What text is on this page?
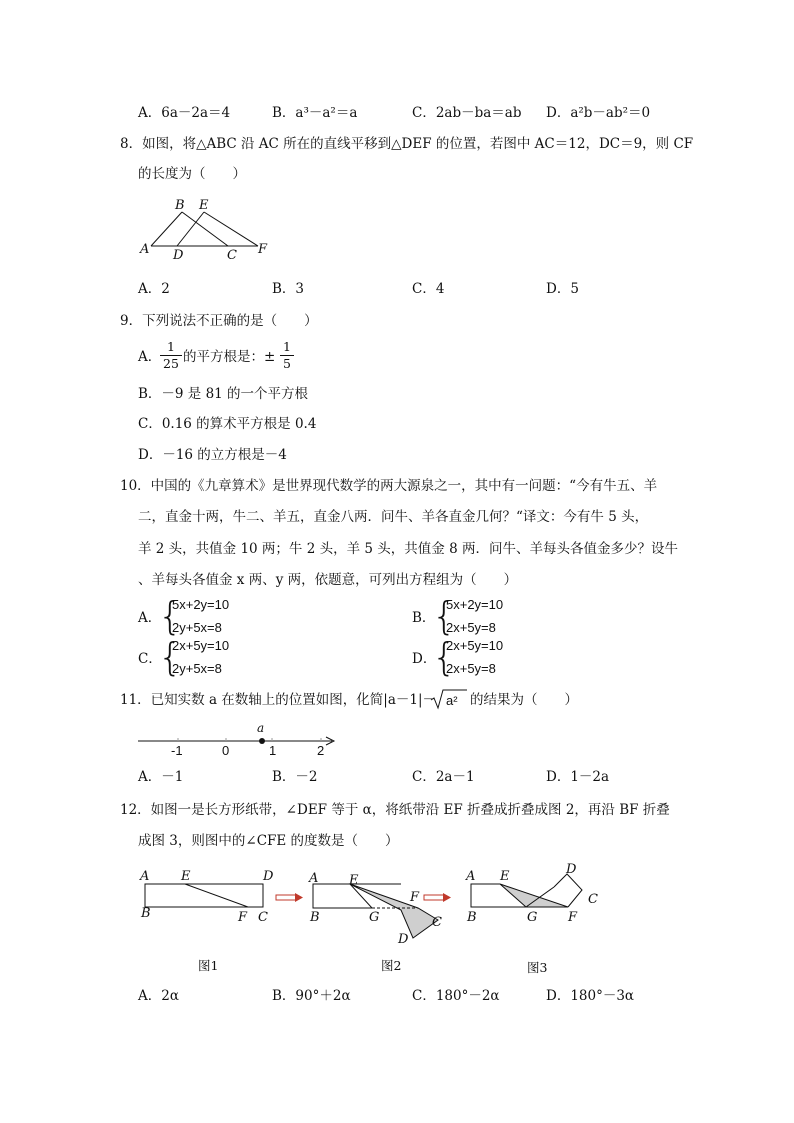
A．6a－2a＝4	B．a³－a²＝a	C．2ab－ba＝ab D．a²b－ab²＝0
8．如图，将△ABC 沿 AC 所在的直线平移到△DEF 的位置，若图中 AC＝12，DC＝9，则 CF
的长度为（　　）
B E
A D	C F
A．2	B．3	C．4	D．5
9．下列说法不正确的是（　　）
A．
1
25 的平方根是：±
1
5
B．－9 是 81 的一个平方根
C．0.16 的算术平方根是 0.4
D．－16 的立方根是－4
10．中国的《九章算术》是世界现代数学的两大源泉之一，其中有一问题：“今有牛五、羊
二，直金十两，牛二、羊五，直金八两．问牛、羊各直金几何？“译文：今有牛 5 头，
羊 2 头，共值金 10 两；牛 2 头，羊 5 头，共值金 8 两．问牛、羊每头各值金多少？设牛
、羊每头各值金 x 两、y 两，依题意，可列出方程组为（　　）
A．
{
5x+2y=10
2y+5x=8
B．
{
5x+2y=10
2x+5y=8
C．
{
2x+5y=10
2y+5x=8
D．
{
2x+5y=10
2x+5y=8
11．已知实数 a 在数轴上的位置如图，化简|a－1|－ a² 的结果为（　　）
a
-1	0	1	2
A．－1	B．－2	C．2a－1	D．1－2a
12．如图一是长方形纸带，∠DEF 等于 α，将纸带沿 EF 折叠成折叠成图 2，再沿 BF 折叠
成图 3，则图中的∠CFE 的度数是（　　）
A E	D
B	F C
A E
F
B	G	C
D
A E	D
C
B	G F
图1	图2	图3
A．2α	B．90°＋2α	C．180°－2α	D．180°－3α
